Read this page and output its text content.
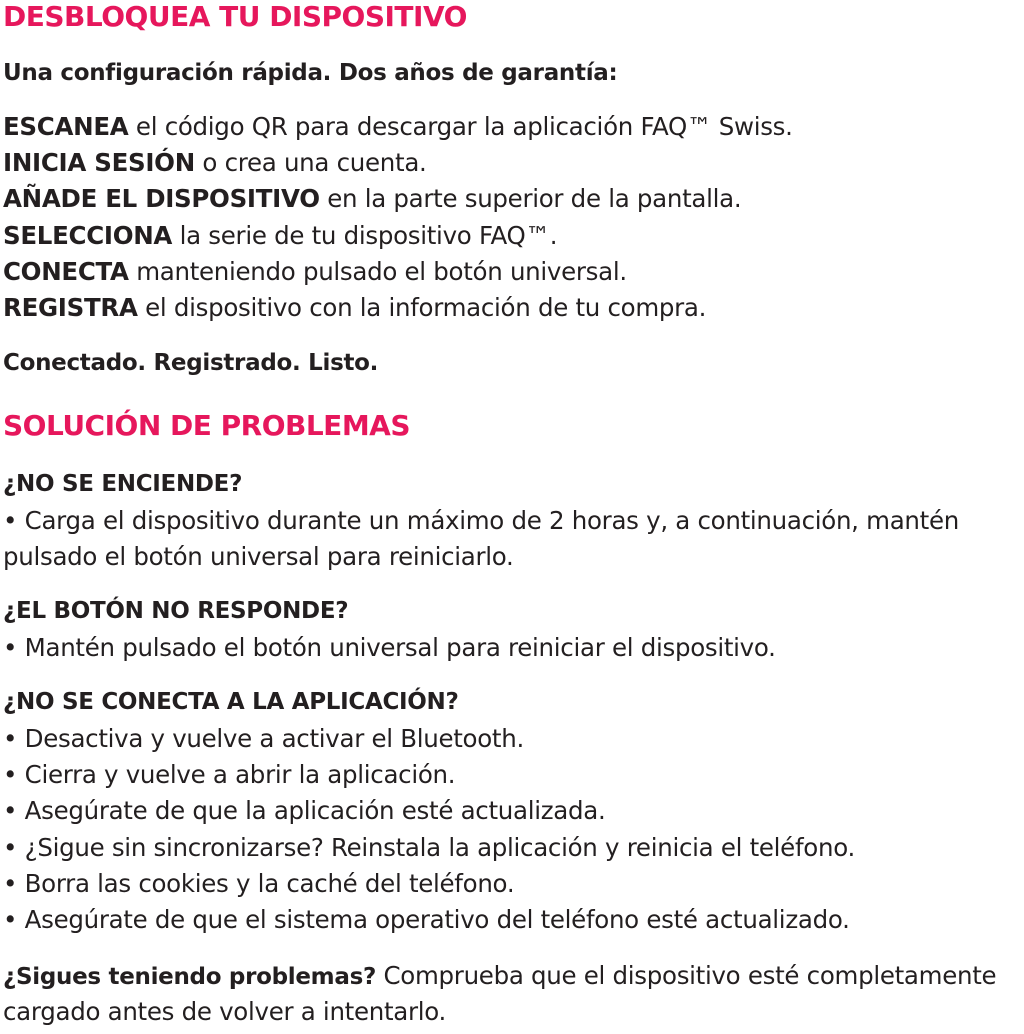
DESBLOQUEA TU DISPOSITIVO

Una configuración rápida. Dos años de garantía:

ESCANEA el código QR para descargar la aplicación FAQ™ Swiss.

INICIA SESIÓN o crea una cuenta.

AÑADE EL DISPOSITIVO en la parte superior de la pantalla.

SELECCIONA la serie de tu dispositivo FAQ™.

CONECTA manteniendo pulsado el botón universal.

REGISTRA el dispositivo con la información de tu compra.

Conectado. Registrado. Listo.

SOLUCIÓN DE PROBLEMAS

¿NO SE ENCIENDE?

• Carga el dispositivo durante un máximo de 2 horas y, a continuación, mantén

pulsado el botón universal para reiniciarlo.

¿EL BOTÓN NO RESPONDE?

• Mantén pulsado el botón universal para reiniciar el dispositivo.

¿NO SE CONECTA A LA APLICACIÓN?

• Desactiva y vuelve a activar el Bluetooth.

• Cierra y vuelve a abrir la aplicación.

• Asegúrate de que la aplicación esté actualizada.

• ¿Sigue sin sincronizarse? Reinstala la aplicación y reinicia el teléfono.

• Borra las cookies y la caché del teléfono.

• Asegúrate de que el sistema operativo del teléfono esté actualizado.

¿Sigues teniendo problemas? Comprueba que el dispositivo esté completamente

cargado antes de volver a intentarlo.
